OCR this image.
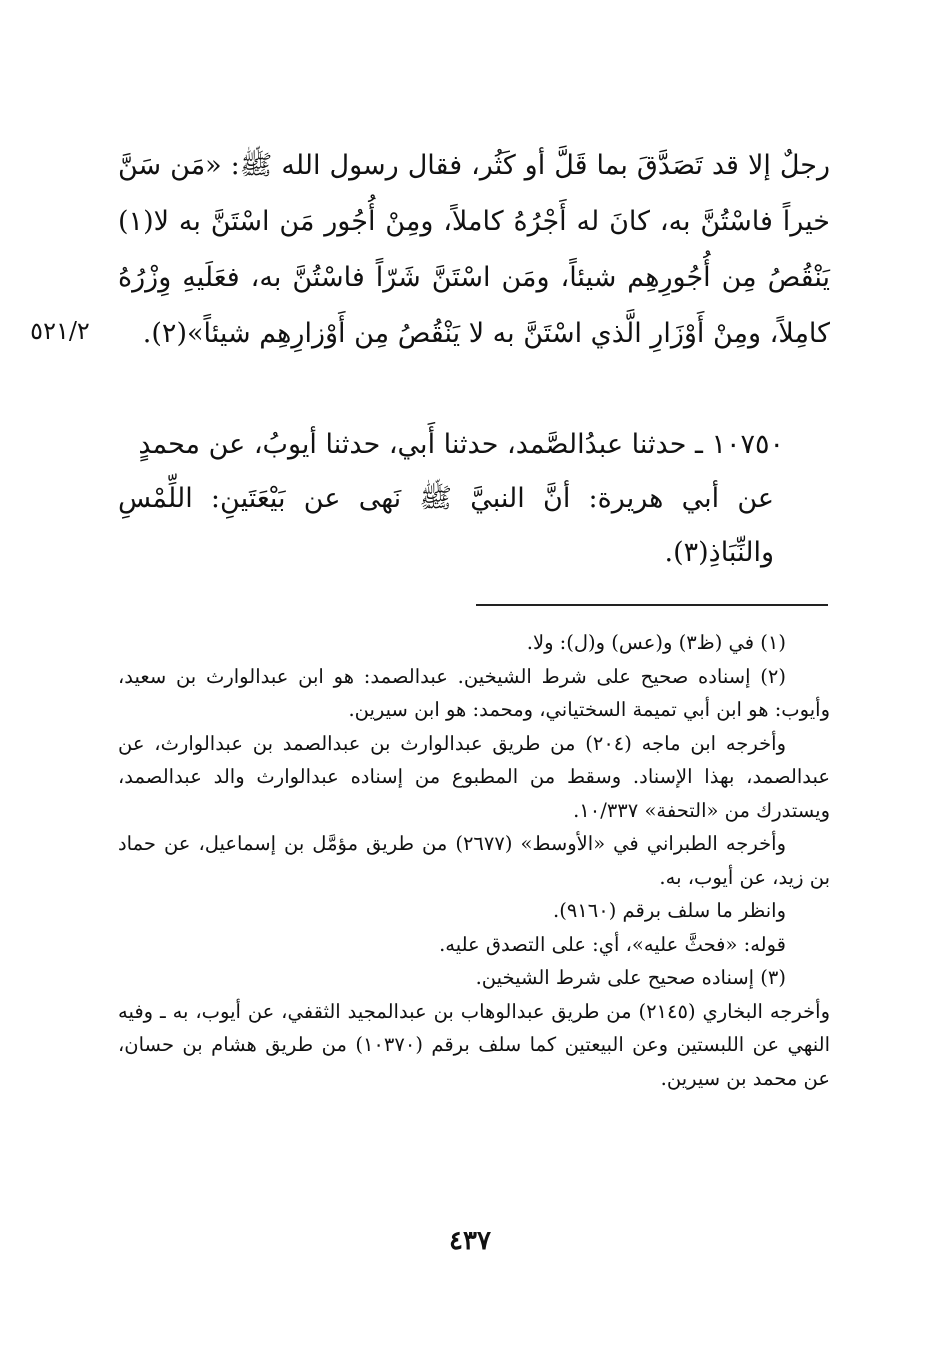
رجلٌ إلا قد تَصَدَّقَ بما قَلَّ أو كَثُر، فقال رسول الله ﷺ: «مَن سَنَّ خيراً فاسْتُنَّ به، كانَ له أَجْرُهُ كاملاً، ومِنْ أُجُور مَن اسْتَنَّ به لا(١) يَنْقُصُ مِن أُجُورِهِم شيئاً، ومَن اسْتَنَّ شَرّاً فاسْتُنَّ به، فعَلَيهِ وِزْرُهُ كامِلاً، ومِنْ أَوْزَارِ الَّذي اسْتَنَّ به لا يَنْقُصُ مِن أَوْزارِهِم شيئاً»(٢).

٥٢١/٢

١٠٧٥٠ ـ حدثنا عبدُالصَّمد، حدثنا أَبي، حدثنا أيوبُ، عن محمدٍ

عن أبي هريرة: أنَّ النبيَّ ﷺ نَهى عن بَيْعَتَينِ: اللِّمْسِ والنِّبَاذِ(٣).

(١) في (ظ٣) و(عس) و(ل): ولا.

(٢) إسناده صحيح على شرط الشيخين. عبدالصمد: هو ابن عبدالوارث بن سعيد، وأيوب: هو ابن أبي تميمة السختياني، ومحمد: هو ابن سيرين.

وأخرجه ابن ماجه (٢٠٤) من طريق عبدالوارث بن عبدالصمد بن عبدالوارث، عن عبدالصمد، بهذا الإسناد. وسقط من المطبوع من إسناده عبدالوارث والد عبدالصمد، ويستدرك من «التحفة» ١٠/٣٣٧.

وأخرجه الطبراني في «الأوسط» (٢٦٧٧) من طريق مؤمَّل بن إسماعيل، عن حماد بن زيد، عن أيوب، به.

وانظر ما سلف برقم (٩١٦٠).

قوله: «فحثَّ عليه»، أي: على التصدق عليه.

(٣) إسناده صحيح على شرط الشيخين.

وأخرجه البخاري (٢١٤٥) من طريق عبدالوهاب بن عبدالمجيد الثقفي، عن أيوب، به ـ وفيه النهي عن اللبستين وعن البيعتين كما سلف برقم (١٠٣٧٠) من طريق هشام بن حسان، عن محمد بن سيرين.

٤٣٧
